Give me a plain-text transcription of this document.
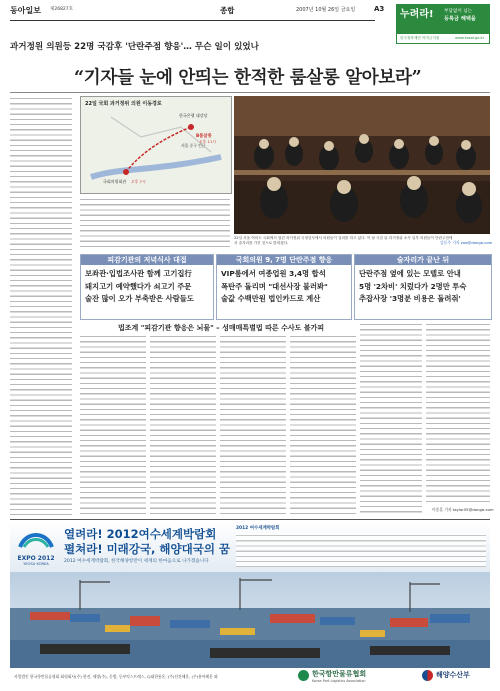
동아일보 제26827호	종합	2007년 10월 26일 금요일	A3 누려라! 부담없이 넘는
등록금 해택을
한국장학재단 학자금지원	www.kosaf.go.kr
과거정원 의원등 22명 국감후 '단란주점 향응'… 무슨 일이 있었나
“기자들 눈에 안띄는 한적한 룸살롱 알아보라”
22일 국회 과거정위 의원 이동경로
한국은행 대강당
B룸살롱
서울 중구 인근
오후 11시
국회의원회관 오후 7시
22일 서울 여의도 국회에서 열린 과거정위 국정감사에서 의원들이 질의를 하고 있다. 이 날 국감 뒤 과거정위 소속 일부 의원들이 단란주점에서 술자리를 가진 것으로 밝혀졌다.	김동주 기자 zoo@donga.com
피감기관의 저녁식사 대접
보좌관·입법조사관 함께 고기집行
돼지고기 예약했다가 쇠고기 주문
술잔 많이 오가 부축받은 사람들도
국회의원 9, 7명 단란주점 향응
VIP룸에서 여종업원 3,4명 합석
폭탄주 돌리며 "대선사장 불러봐"
술값 수백만원 법인카드로 계산
술자리가 끝난 뒤
단란주점 옆에 있는 모텔로 안내
5명 '2차비' 치렀다가 2명만 투숙
추잡사장 '3명분 비용은 돌려줘'
법조계 "피감기관 향응은 뇌물" – 성매매특별법 따른 수사도 불가피
이종훈 기자 taylor55@donga.com
EXPO 2012
YEOSU KOREA
열려라! 2012여수세계박람회
펼쳐라! 미래강국, 해양대국의 꿈
2012 여수세계박람회, 한국해양항만이 세계의 한마음으로 나가겠습니다
2012 여수세계박람회
사업법인 한국항만물류협회 회원회사(주) 한진, 세방(주), 동방, 동부익스프레스, CJ대한통운, (주)선진해운, (주)흥아해운 외	한국항만물류협회
Korea Port Logistics Association
해양수산부
